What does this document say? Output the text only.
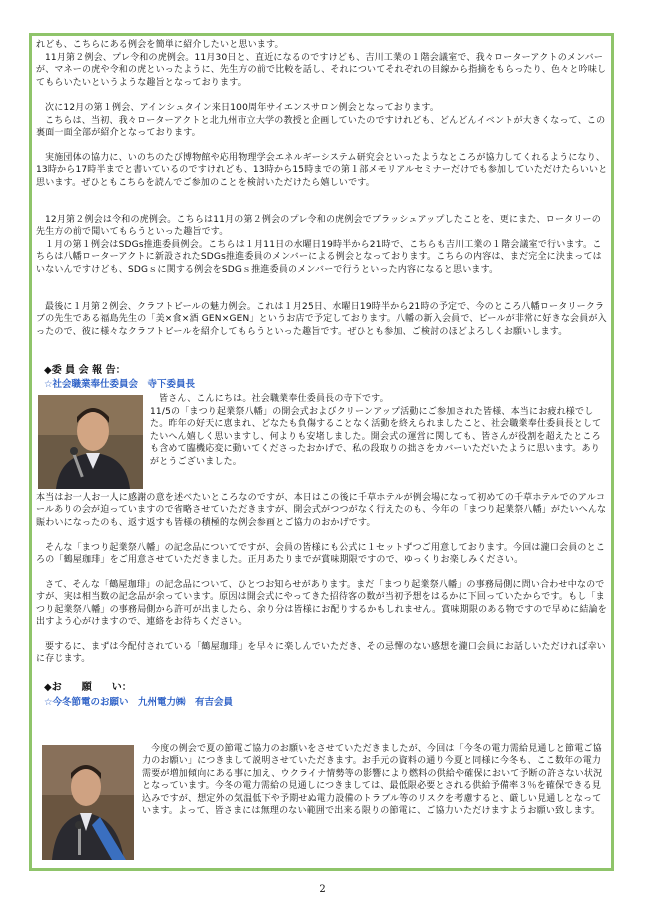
れども、こちらにある例会を簡単に紹介したいと思います。

11月第２例会、プレ令和の虎例会。11月30日と、直近になるのですけども、吉川工業の１階会議室で、我々ローターアクトのメンバーが、マネーの虎や令和の虎といったように、先生方の前で比較を話し、それについてそれぞれの目線から指摘をもらったり、色々と吟味してもらいたいというような趣旨となっております。

次に12月の第１例会、アインシュタイン来日100周年サイエンスサロン例会となっております。

こちらは、当初、我々ローターアクトと北九州市立大学の教授と企画していたのですけれども、どんどんイベントが大きくなって、この裏面一面全部が紹介となっております。

実施団体の協力に、いのちのたび博物館や応用物理学会エネルギーシステム研究会といったようなところが協力してくれるようになり、13時から17時半までと書いているのですけれども、13時から15時までの第１部メモリアルセミナーだけでも参加していただけたらいいと思います。ぜひともこちらを読んでご参加のことを検討いただけたら嬉しいです。

12月第２例会は令和の虎例会。こちらは11月の第２例会のプレ令和の虎例会でブラッシュアップしたことを、更にまた、ロータリーの先生方の前で聞いてもらうといった趣旨です。

１月の第１例会はSDGs推進委員例会。こちらは１月11日の水曜日19時半から21時で、こちらも吉川工業の１階会議室で行います。こちらは八幡ローターアクトに新設されたSDGs推進委員のメンバーによる例会となっております。こちらの内容は、まだ完全に決まってはいないんですけども、SDGｓに関する例会をSDGｓ推進委員のメンバーで行うといった内容になると思います。

最後に１月第２例会、クラフトビールの魅力例会。これは１月25日、水曜日19時半から21時の予定で、今のところ八幡ロータリークラブの先生である福島先生の「美×食×酒 GEN×GEN」というお店で予定しております。八幡の新入会員で、ビールが非常に好きな会員が入ったので、彼に様々なクラフトビールを紹介してもらうといった趣旨です。ぜひとも参加、ご検討のほどよろしくお願いします。

◆委 員 会 報 告：

☆社会職業奉仕委員会　寺下委員長

皆さん、こんにちは。社会職業奉仕委員長の寺下です。

11/5の「まつり起業祭八幡」の開会式およびクリーンアップ活動にご参加された皆様、本当にお疲れ様でした。昨年の好天に恵まれ、どなたも負傷することなく活動を終えられましたこと、社会職業奉仕委員長としてたいへん嬉しく思いますし、何よりも安堵しました。開会式の運営に関しても、皆さんが役割を超えたところも含めて臨機応変に動いてくださったおかげで、私の段取りの拙さをカバーいただいたように思います。ありがとうございました。

本当はお一人お一人に感謝の意を述べたいところなのですが、本日はこの後に千草ホテルが例会場になって初めての千草ホテルでのアルコールありの会が迫っていますので省略させていただきますが、開会式がつつがなく行えたのも、今年の「まつり起業祭八幡」がたいへんな賑わいになったのも、返す返すも皆様の積極的な例会参画とご協力のおかげです。

そんな「まつり起業祭八幡」の記念品についてですが、会員の皆様にも公式に１セットずつご用意しております。今回は瀧口会員のところの「鶴屋珈琲」をご用意させていただきました。正月あたりまでが賞味期限ですので、ゆっくりお楽しみください。

さて、そんな「鶴屋珈琲」の記念品について、ひとつお知らせがあります。まだ「まつり起業祭八幡」の事務局側に問い合わせ中なのですが、実は相当数の記念品が余っています。原因は開会式にやってきた招待客の数が当初予想をはるかに下回っていたからです。もし「まつり起業祭八幡」の事務局側から許可が出ましたら、余り分は皆様にお配りするかもしれません。賞味期限のある物ですので早めに結論を出すよう心がけますので、連絡をお待ちください。

要するに、まずは今配付されている「鶴屋珈琲」を早々に楽しんでいただき、その忌憚のない感想を瀧口会員にお話しいただければ幸いに存じます。

◆お　　願　　い：

☆今冬節電のお願い　九州電力㈱　有吉会員

今度の例会で夏の節電ご協力のお願いをさせていただきましたが、今回は「今冬の電力需給見通しと節電ご協力のお願い」につきまして説明させていただきます。お手元の資料の通り今夏と同様に今冬も、ここ数年の電力需要が増加傾向にある事に加え、ウクライナ情勢等の影響により燃料の供給や確保において予断の許さない状況となっています。今冬の電力需給の見通しにつきましては、最低限必要とされる供給予備率３％を確保できる見込みですが、想定外の気温低下や予期せぬ電力設備のトラブル等のリスクを考慮すると、厳しい見通しとなっています。よって、皆さまには無理のない範囲で出来る限りの節電に、ご協力いただけますようお願い致します。

2
